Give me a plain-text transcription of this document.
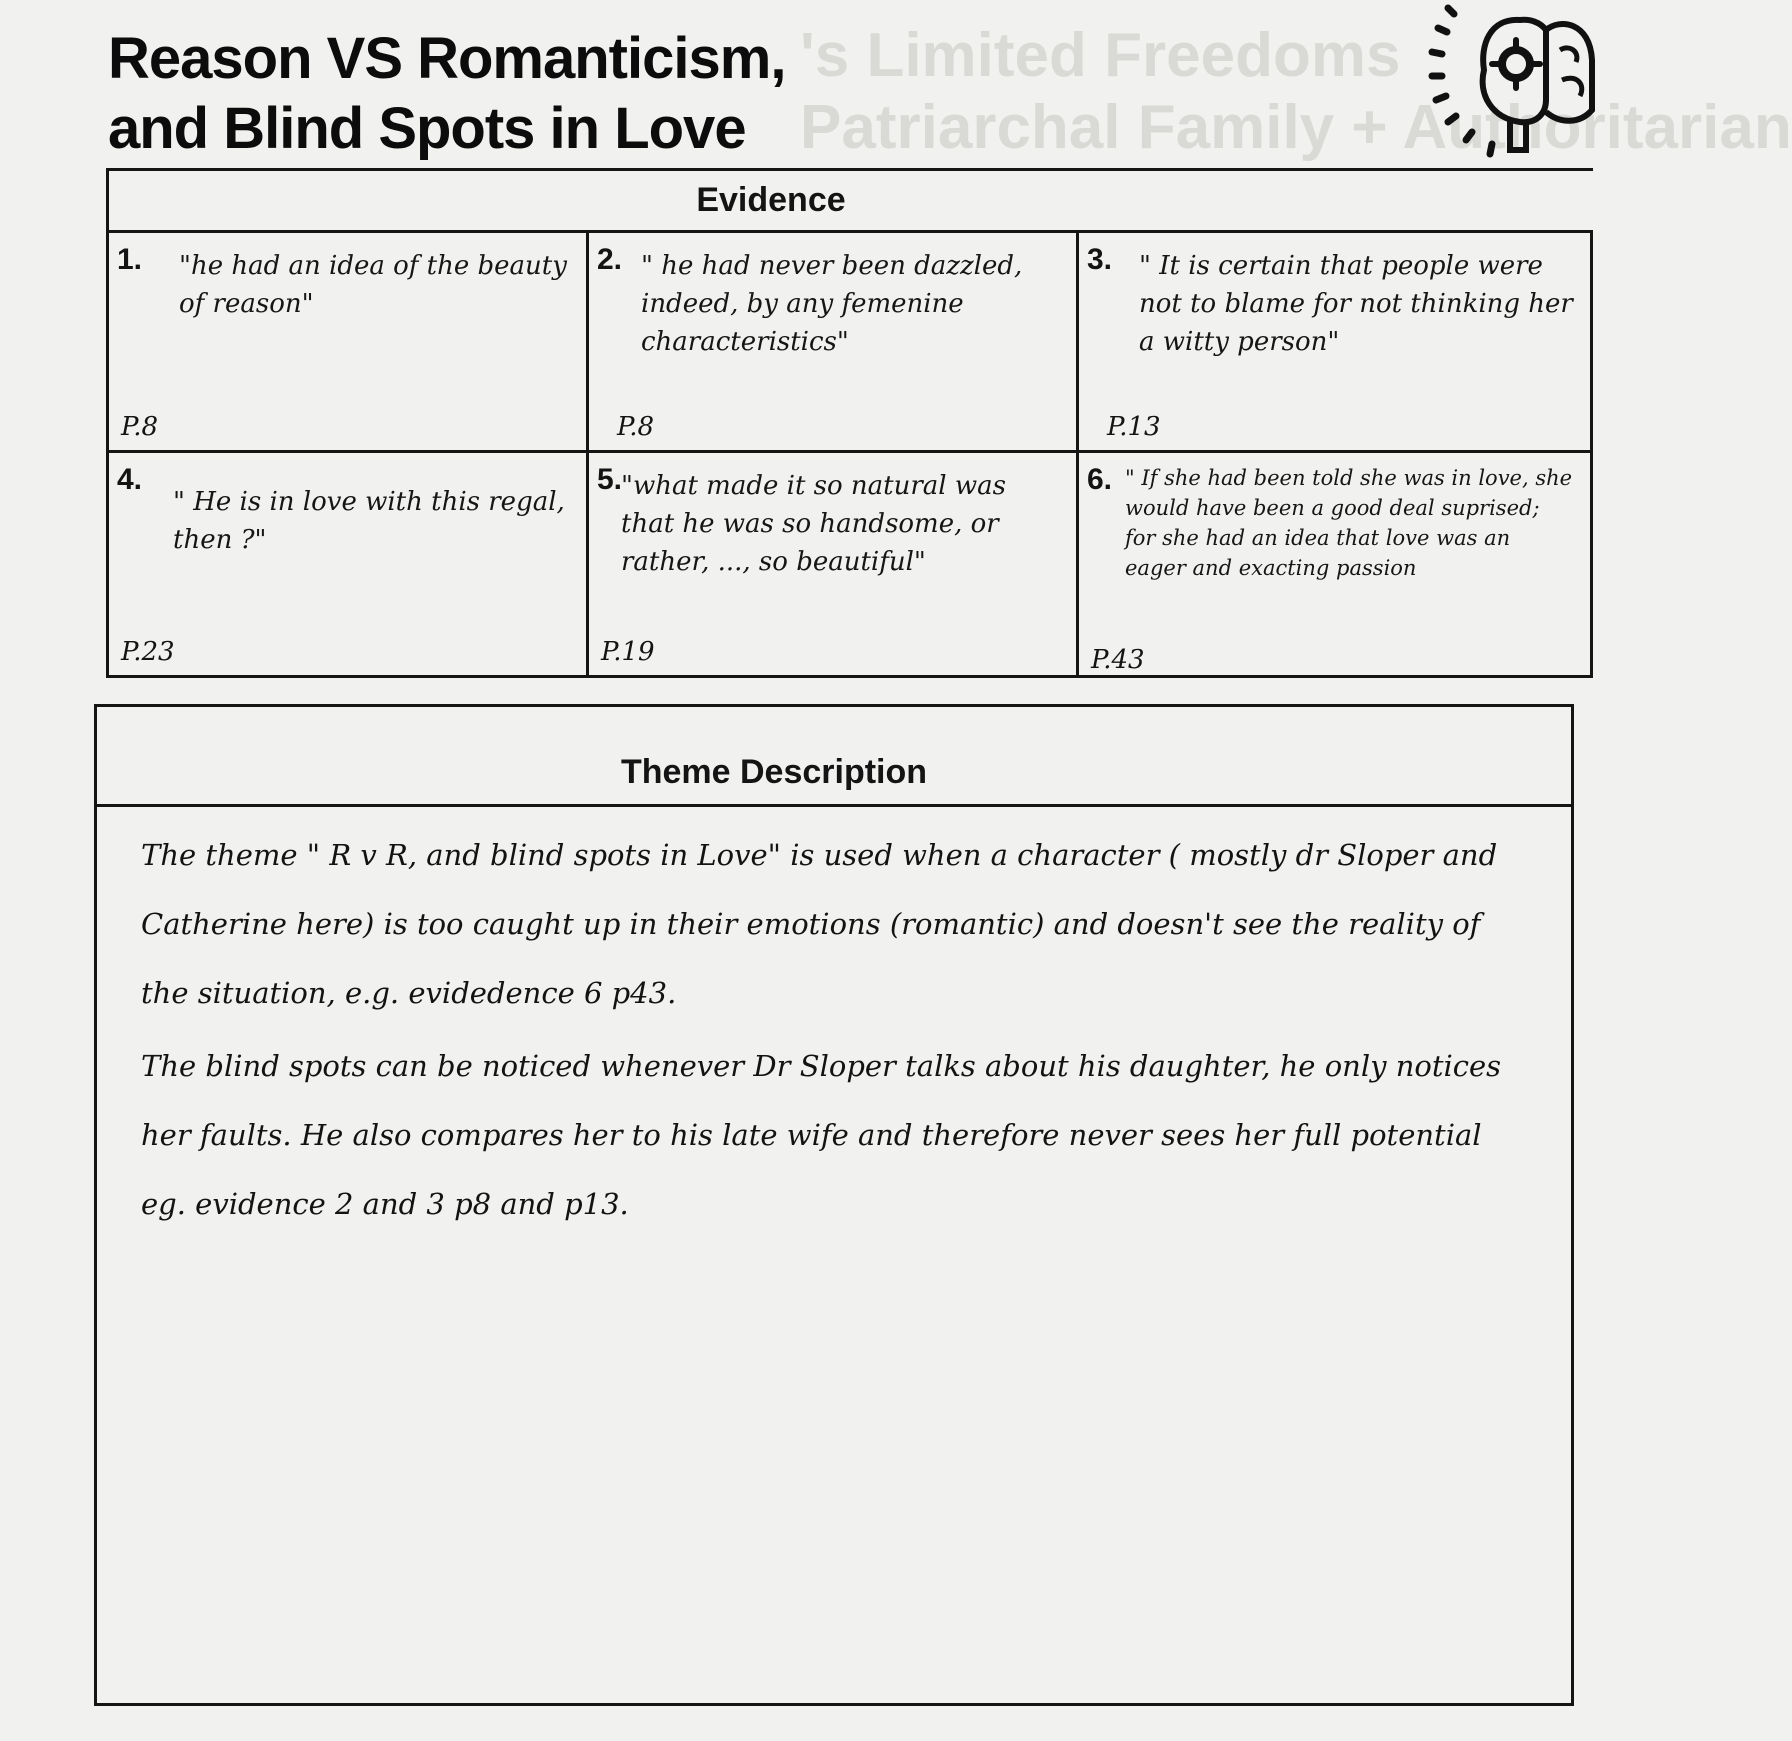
's Limited Freedoms
Patriarchal Family + Authoritarian
Reason VS Romanticism,
and Blind Spots in Love
Evidence
1. "he had an idea of the beauty of reason"
P.8
2. " he had never been dazzled, indeed, by any femenine characteristics"
P.8
3. " It is certain that people were not to blame for not thinking her a witty person"
P.13
4.
" He is in love with this regal, then ?"
P.23
5.
"what made it so natural was that he was so handsome, or rather, ..., so beautiful"
P.19
6. " If she had been told she was in love, she would have been a good deal suprised; for she had an idea that love was an eager and exacting passion
P.43
Theme Description

The theme " R v R, and blind spots in Love" is used when a character ( mostly dr Sloper and Catherine here) is too caught up in their emotions (romantic) and doesn't see the reality of the situation, e.g. evidedence 6 p43.

The blind spots can be noticed whenever Dr Sloper talks about his daughter, he only notices her faults. He also compares her to his late wife and therefore never sees her full potential eg. evidence 2 and 3 p8 and p13.
